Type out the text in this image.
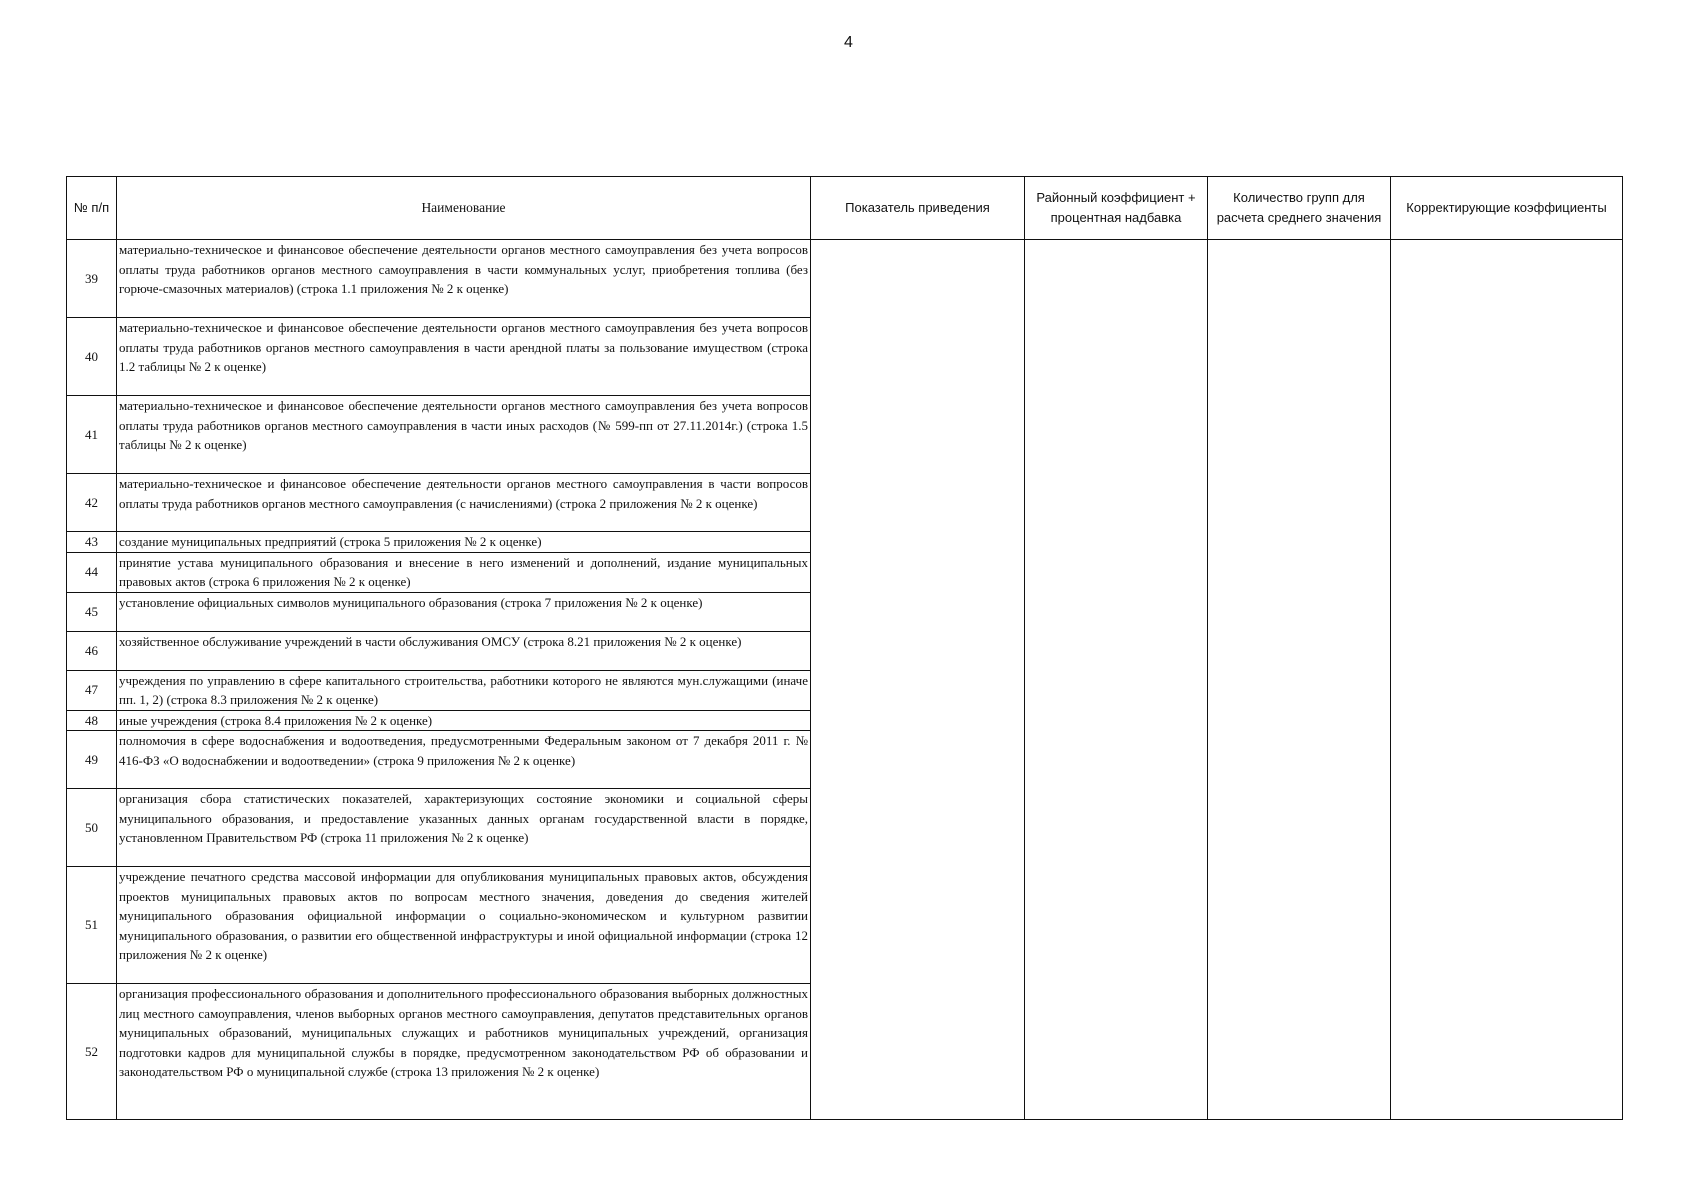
4
№ п/п	Наименование	Показатель приведения	Районный коэффициент + процентная надбавка	Количество групп для расчета среднего значения	Корректирующие коэффициенты
39	материально-техническое и финансовое обеспечение деятельности органов местного самоуправления без учета вопросов оплаты труда работников органов местного самоуправления в части коммунальных услуг, приобретения топлива (без горюче-смазочных материалов) (строка 1.1 приложения № 2 к оценке)				

40	материально-техническое и финансовое обеспечение деятельности органов местного самоуправления без учета вопросов оплаты труда работников органов местного самоуправления в части арендной платы за пользование имуществом (строка 1.2 таблицы № 2 к оценке)				

41	материально-техническое и финансовое обеспечение деятельности органов местного самоуправления без учета вопросов оплаты труда работников органов местного самоуправления в части иных расходов (№ 599-пп от 27.11.2014г.) (строка 1.5 таблицы № 2 к оценке)				

42	материально-техническое и финансовое обеспечение деятельности органов местного самоуправления в части вопросов оплаты труда работников органов местного самоуправления (с начислениями) (строка 2 приложения № 2 к оценке)				

43	создание муниципальных предприятий (строка 5 приложения № 2 к оценке)				

44	принятие устава муниципального образования и внесение в него изменений и дополнений, издание муниципальных правовых актов (строка 6 приложения № 2 к оценке)				

45	установление официальных символов муниципального образования (строка 7 приложения № 2 к оценке)				

46	хозяйственное обслуживание учреждений в части обслуживания ОМСУ (строка 8.21 приложения № 2 к оценке)				

47	учреждения по управлению в сфере капитального строительства, работники которого не являются мун.служащими (иначе пп. 1, 2) (строка 8.3 приложения № 2 к оценке)				

48	иные учреждения (строка 8.4 приложения № 2 к оценке)				

49	полномочия в сфере водоснабжения и водоотведения, предусмотренными Федеральным законом от 7 декабря 2011 г. № 416-ФЗ «О водоснабжении и водоотведении» (строка 9 приложения № 2 к оценке)				

50	организация сбора статистических показателей, характеризующих состояние экономики и социальной сферы муниципального образования, и предоставление указанных данных органам государственной власти в порядке, установленном Правительством РФ (строка 11 приложения № 2 к оценке)				

51	учреждение печатного средства массовой информации для опубликования муниципальных правовых актов, обсуждения проектов муниципальных правовых актов по вопросам местного значения, доведения до сведения жителей муниципального образования официальной информации о социально-экономическом и культурном развитии муниципального образования, о развитии его общественной инфраструктуры и иной официальной информации (строка 12 приложения № 2 к оценке)				

52	организация профессионального образования и дополнительного профессионального образования выборных должностных лиц местного самоуправления, членов выборных органов местного самоуправления, депутатов представительных органов муниципальных образований, муниципальных служащих и работников муниципальных учреждений, организация подготовки кадров для муниципальной службы в порядке, предусмотренном законодательством РФ об образовании и законодательством РФ о муниципальной службе (строка 13 приложения № 2 к оценке)				
